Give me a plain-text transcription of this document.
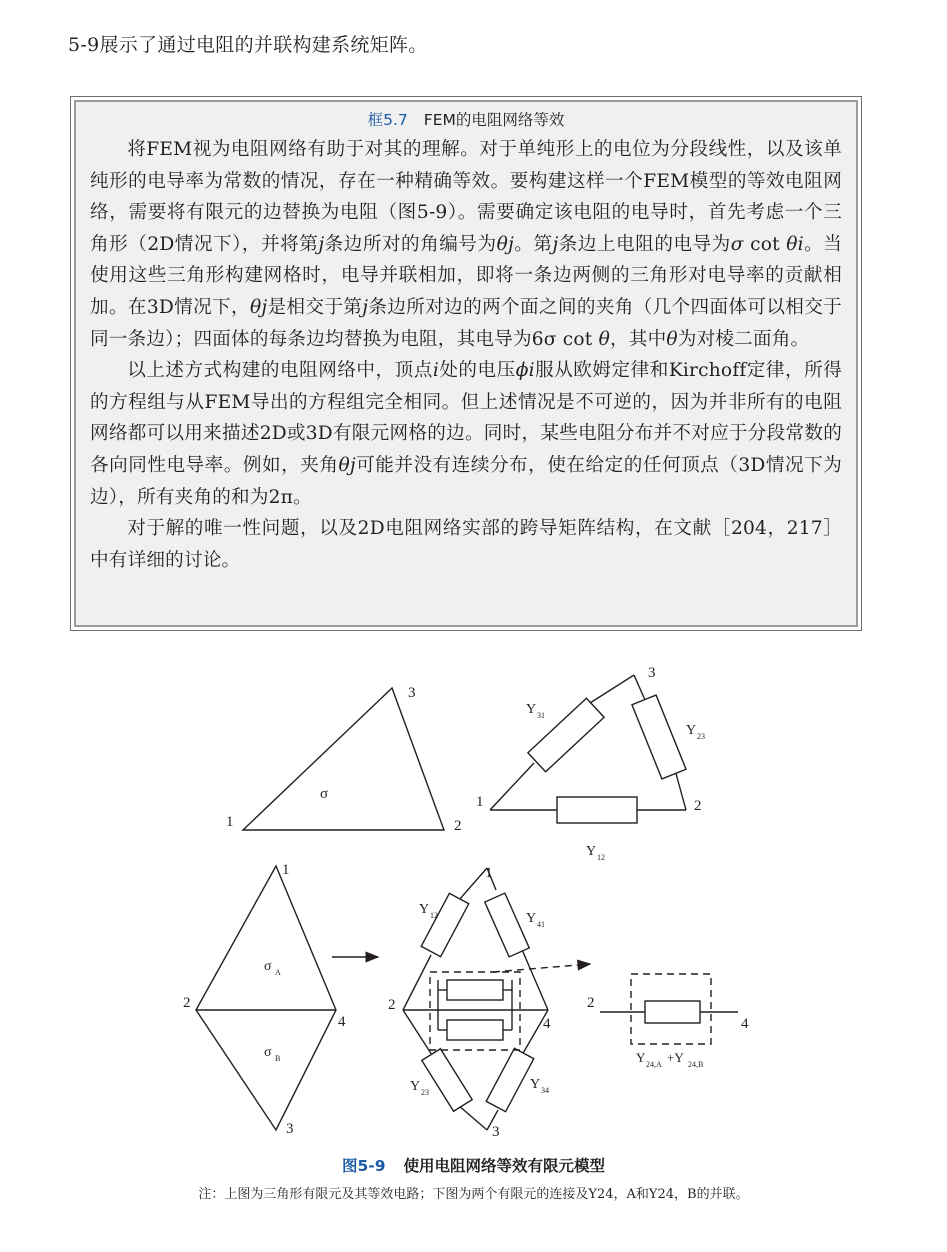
5-9展示了通过电阻的并联构建系统矩阵。
框5.7 FEM的电阻网络等效

将FEM视为电阻网络有助于对其的理解。对于单纯形上的电位为分段线性，以及该单纯形的电导率为常数的情况，存在一种精确等效。要构建这样一个FEM模型的等效电阻网络，需要将有限元的边替换为电阻（图5-9）。需要确定该电阻的电导时，首先考虑一个三角形（2D情况下），并将第j条边所对的角编号为θj。第j条边上电阻的电导为σ cot θi。当使用这些三角形构建网格时，电导并联相加，即将一条边两侧的三角形对电导率的贡献相加。在3D情况下，θj是相交于第j条边所对边的两个面之间的夹角（几个四面体可以相交于同一条边）；四面体的每条边均替换为电阻，其电导为6σ cot θ，其中θ为对棱二面角。

以上述方式构建的电阻网络中，顶点i处的电压ϕi服从欧姆定律和Kirchoff定律，所得的方程组与从FEM导出的方程组完全相同。但上述情况是不可逆的，因为并非所有的电阻网络都可以用来描述2D或3D有限元网格的边。同时，某些电阻分布并不对应于分段常数的各向同性电导率。例如，夹角θj可能并没有连续分布，使在给定的任何顶点（3D情况下为边），所有夹角的和为2π。

对于解的唯一性问题，以及2D电阻网络实部的跨导矩阵结构，在文献［204，217］中有详细的讨论。

3
1	2
σ
3
1	2
Y 31
Y 23
Y 12
1
2
4
3
σ A
σ B
1
2
4
3
Y 12	Y 41
Y 23
Y 34
2
4
Y 24,A +Y 24,B
图5-9 使用电阻网络等效有限元模型
注：上图为三角形有限元及其等效电路；下图为两个有限元的连接及Y24，A和Y24，B的并联。
